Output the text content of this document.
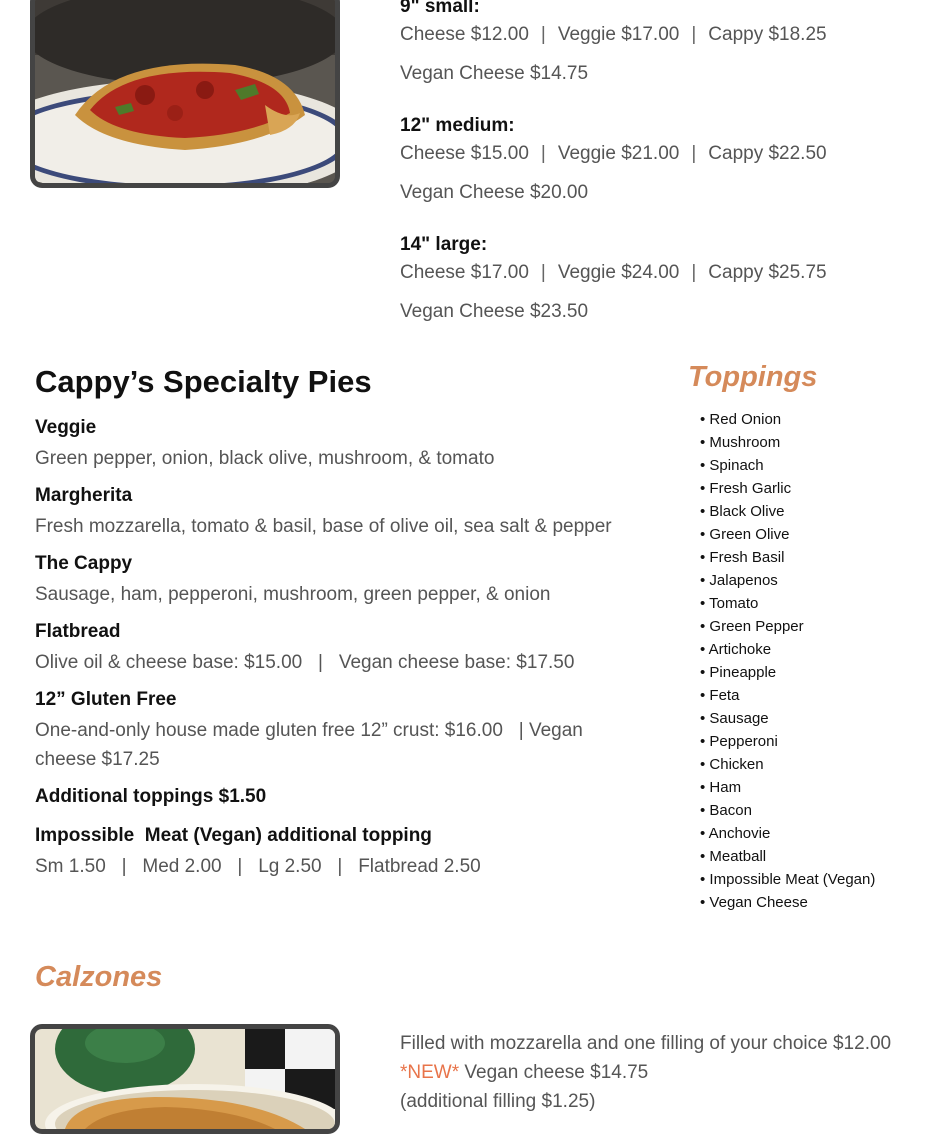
9" small:

Cheese $12.00 | Veggie $17.00 | Cappy $18.25

Vegan Cheese $14.75

12" medium:

Cheese $15.00 | Veggie $21.00 | Cappy $22.50

Vegan Cheese $20.00

14" large:

Cheese $17.00 | Veggie $24.00 | Cappy $25.75

Vegan Cheese $23.50

Cappy’s Specialty Pies

Veggie

Green pepper, onion, black olive, mushroom, & tomato

Margherita

Fresh mozzarella, tomato & basil, base of olive oil, sea salt & pepper

The Cappy

Sausage, ham, pepperoni, mushroom, green pepper, & onion

Flatbread

Olive oil & cheese base: $15.00   |   Vegan cheese base: $17.50

12” Gluten Free

One-and-only house made gluten free 12” crust: $16.00   | Vegan cheese $17.25

Additional toppings $1.50

Impossible  Meat (Vegan) additional topping

Sm 1.50   |   Med 2.00   |   Lg 2.50   |   Flatbread 2.50

Toppings
• Red Onion
• Mushroom
• Spinach
• Fresh Garlic
• Black Olive
• Green Olive
• Fresh Basil
• Jalapenos
• Tomato
• Green Pepper
• Artichoke
• Pineapple
• Feta
• Sausage
• Pepperoni
• Chicken
• Ham
• Bacon
• Anchovie
• Meatball
• Impossible Meat (Vegan)
• Vegan Cheese
Calzones

Filled with mozzarella and one filling of your choice $12.00

*NEW* Vegan cheese $14.75

(additional filling $1.25)
